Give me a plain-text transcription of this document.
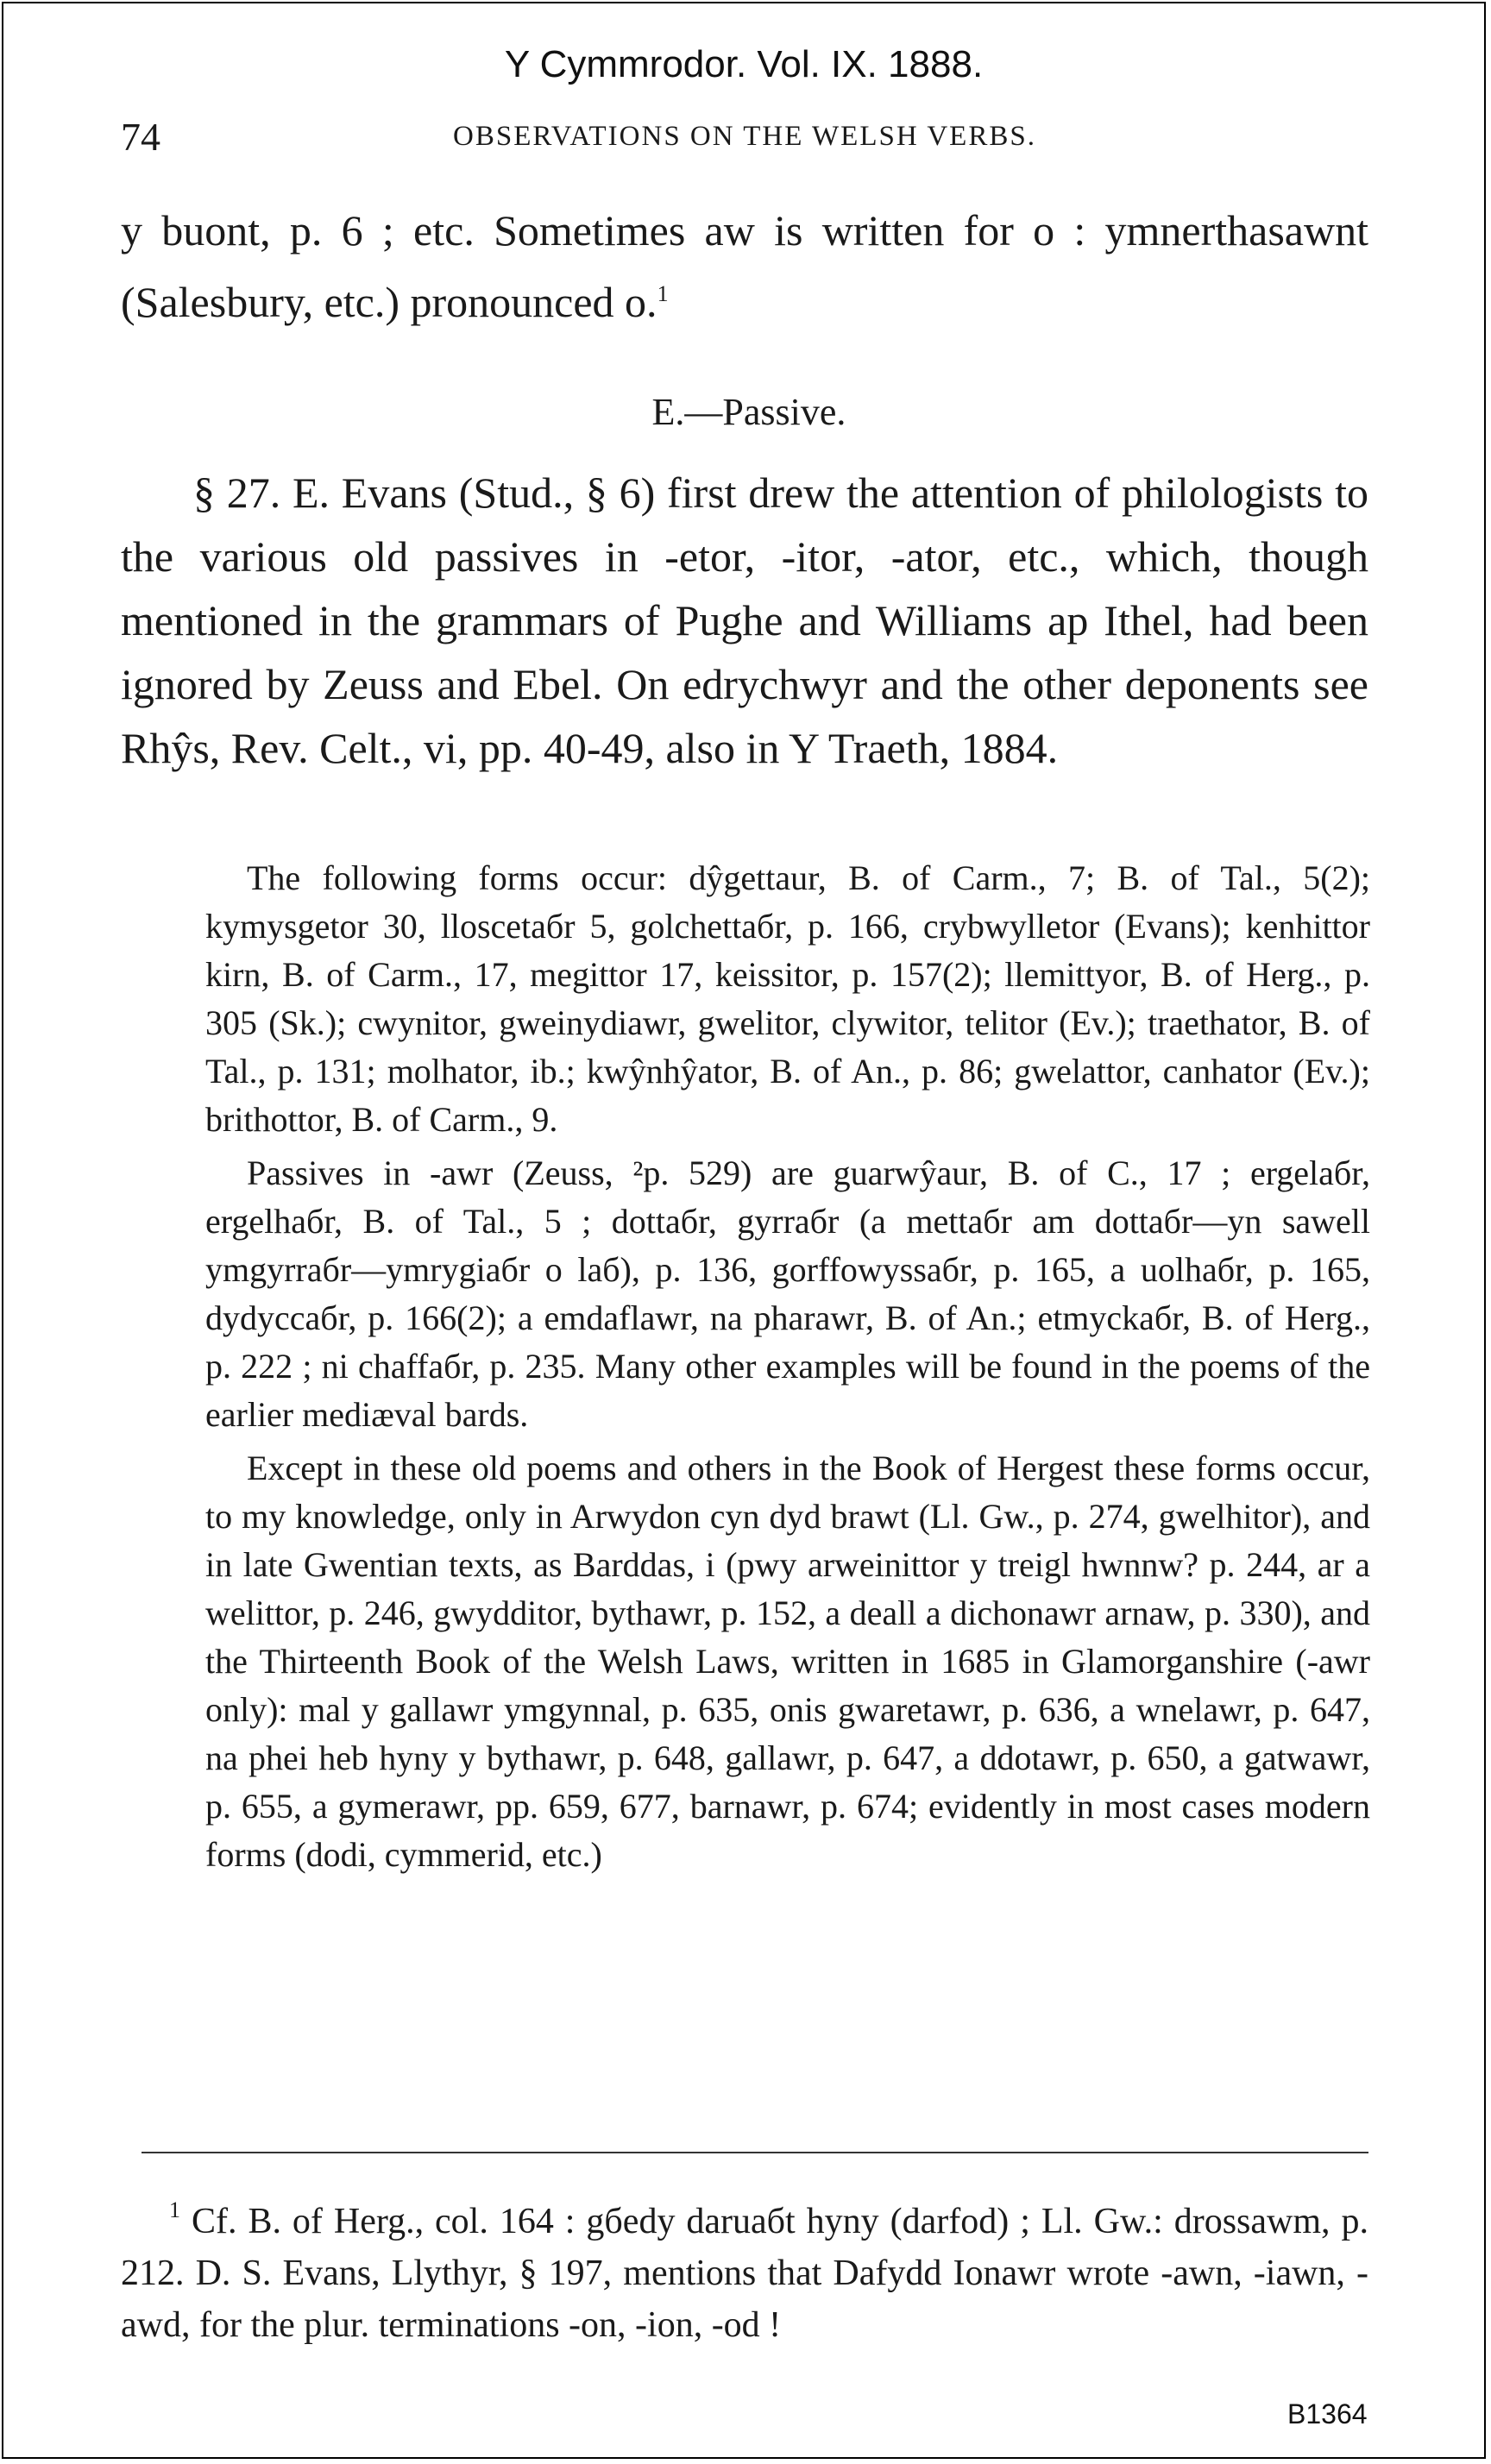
Y Cymmrodor. Vol. IX. 1888.
74	OBSERVATIONS ON THE WELSH VERBS.
y buont, p. 6 ; etc. Sometimes aw is written for o : ymnerthasawnt (Salesbury, etc.) pronounced o.$^1$
E.—Passive.
§ 27. E. Evans (Stud., § 6) first drew the attention of philologists to the various old passives in -etor, -itor, -ator, etc., which, though mentioned in the grammars of Pughe and Williams ap Ithel, had been ignored by Zeuss and Ebel. On edrychwyr and the other deponents see Rhŷs, Rev. Celt., vi, pp. 40-49, also in Y Traeth, 1884.

The following forms occur: dŷgettaur, B. of Carm., 7; B. of Tal., 5(2); kymysgetor 30, lloscetaбr 5, golchettaбr, p. 166, crybwylletor (Evans); kenhittor kirn, B. of Carm., 17, megittor 17, keissitor, p. 157(2); llemittyor, B. of Herg., p. 305 (Sk.); cwynitor, gweinydiawr, gwelitor, clywitor, telitor (Ev.); traethator, B. of Tal., p. 131; molhator, ib.; kwŷnhŷator, B. of An., p. 86; gwelattor, canhator (Ev.); brithottor, B. of Carm., 9.

Passives in -awr (Zeuss, ²p. 529) are guarwŷaur, B. of C., 17 ; ergelaбr, ergelhaбr, B. of Tal., 5 ; dottaбr, gyrraбr (a mettaбr am dottaбr—yn sawell ymgyrraбr—ymrygiaбr o laб), p. 136, gorffowyssaбr, p. 165, a uolhaбr, p. 165, dydyccaбr, p. 166(2); a emdaflawr, na pharawr, B. of An.; etmyckaбr, B. of Herg., p. 222 ; ni chaffaбr, p. 235. Many other examples will be found in the poems of the earlier mediæval bards.

Except in these old poems and others in the Book of Hergest these forms occur, to my knowledge, only in Arwydon cyn dyd brawt (Ll. Gw., p. 274, gwelhitor), and in late Gwentian texts, as Barddas, i (pwy arweinittor y treigl hwnnw? p. 244, ar a welittor, p. 246, gwydditor, bythawr, p. 152, a deall a dichonawr arnaw, p. 330), and the Thirteenth Book of the Welsh Laws, written in 1685 in Glamorganshire (-awr only): mal y gallawr ymgynnal, p. 635, onis gwaretawr, p. 636, a wnelawr, p. 647, na phei heb hyny y bythawr, p. 648, gallawr, p. 647, a ddotawr, p. 650, a gatwawr, p. 655, a gymerawr, pp. 659, 677, barnawr, p. 674; evidently in most cases modern forms (dodi, cymmerid, etc.)

$^1$ Cf. B. of Herg., col. 164 : gбedy daruaбt hyny (darfod) ; Ll. Gw.: drossawm, p. 212. D. S. Evans, Llythyr, § 197, mentions that Dafydd Ionawr wrote -awn, -iawn, -awd, for the plur. terminations -on, -ion, -od !
B1364
